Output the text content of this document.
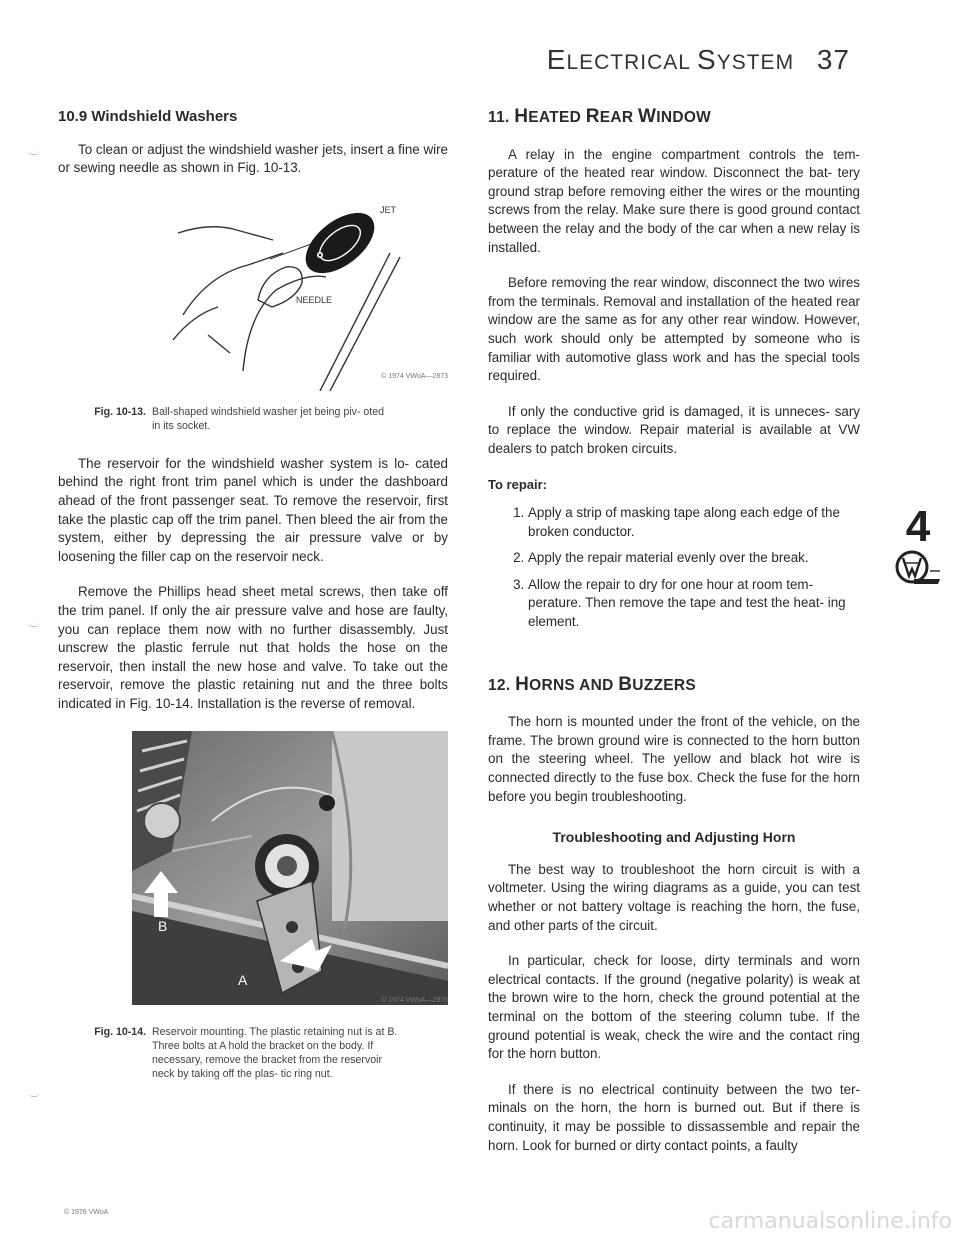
ELECTRICAL SYSTEM 37
10.9 Windshield Washers

To clean or adjust the windshield washer jets, insert a fine wire or sewing needle as shown in Fig. 10-13.

JET
NEEDLE
© 1974 VWoA—2873
Fig. 10-13. Ball-shaped windshield washer jet being piv- oted in its socket.

The reservoir for the windshield washer system is lo- cated behind the right front trim panel which is under the dashboard ahead of the front passenger seat. To remove the reservoir, first take the plastic cap off the trim panel. Then bleed the air from the system, either by depressing the air pressure valve or by loosening the filler cap on the reservoir neck.

Remove the Phillips head sheet metal screws, then take off the trim panel. If only the air pressure valve and hose are faulty, you can replace them now with no further disassembly. Just unscrew the plastic ferrule nut that holds the hose on the reservoir, then install the new hose and valve. To take out the reservoir, remove the plastic retaining nut and the three bolts indicated in Fig. 10-14. Installation is the reverse of removal.

B
A
© 1974 VWoA—2975
Fig. 10-14. Reservoir mounting. The plastic retaining nut is at B. Three bolts at A hold the bracket on the body. If necessary, remove the bracket from the reservoir neck by taking off the plas- tic ring nut.
11. HEATED REAR WINDOW

A relay in the engine compartment controls the tem- perature of the heated rear window. Disconnect the bat- tery ground strap before removing either the wires or the mounting screws from the relay. Make sure there is good ground contact between the relay and the body of the car when a new relay is installed.

Before removing the rear window, disconnect the two wires from the terminals. Removal and installation of the heated rear window are the same as for any other rear window. However, such work should only be attempted by someone who is familiar with automotive glass work and has the special tools required.

If only the conductive grid is damaged, it is unneces- sary to replace the window. Repair material is available at VW dealers to patch broken circuits.

To repair:
1. Apply a strip of masking tape along each edge of the broken conductor.
2. Apply the repair material evenly over the break.
3. Allow the repair to dry for one hour at room tem- perature. Then remove the tape and test the heat- ing element.
12. HORNS AND BUZZERS

The horn is mounted under the front of the vehicle, on the frame. The brown ground wire is connected to the horn button on the steering wheel. The yellow and black hot wire is connected directly to the fuse box. Check the fuse for the horn before you begin troubleshooting.

Troubleshooting and Adjusting Horn

The best way to troubleshoot the horn circuit is with a voltmeter. Using the wiring diagrams as a guide, you can test whether or not battery voltage is reaching the horn, the fuse, and other parts of the circuit.

In particular, check for loose, dirty terminals and worn electrical contacts. If the ground (negative polarity) is weak at the brown wire to the horn, check the ground potential at the terminal on the bottom of the steering column tube. If the ground potential is weak, check the wire and the contact ring for the horn button.

If there is no electrical continuity between the two ter- minals on the horn, the horn is burned out. But if there is continuity, it may be possible to dissassemble and repair the horn. Look for burned or dirty contact points, a faulty

4
© 1976 VWoA	carmanualsonline.info
